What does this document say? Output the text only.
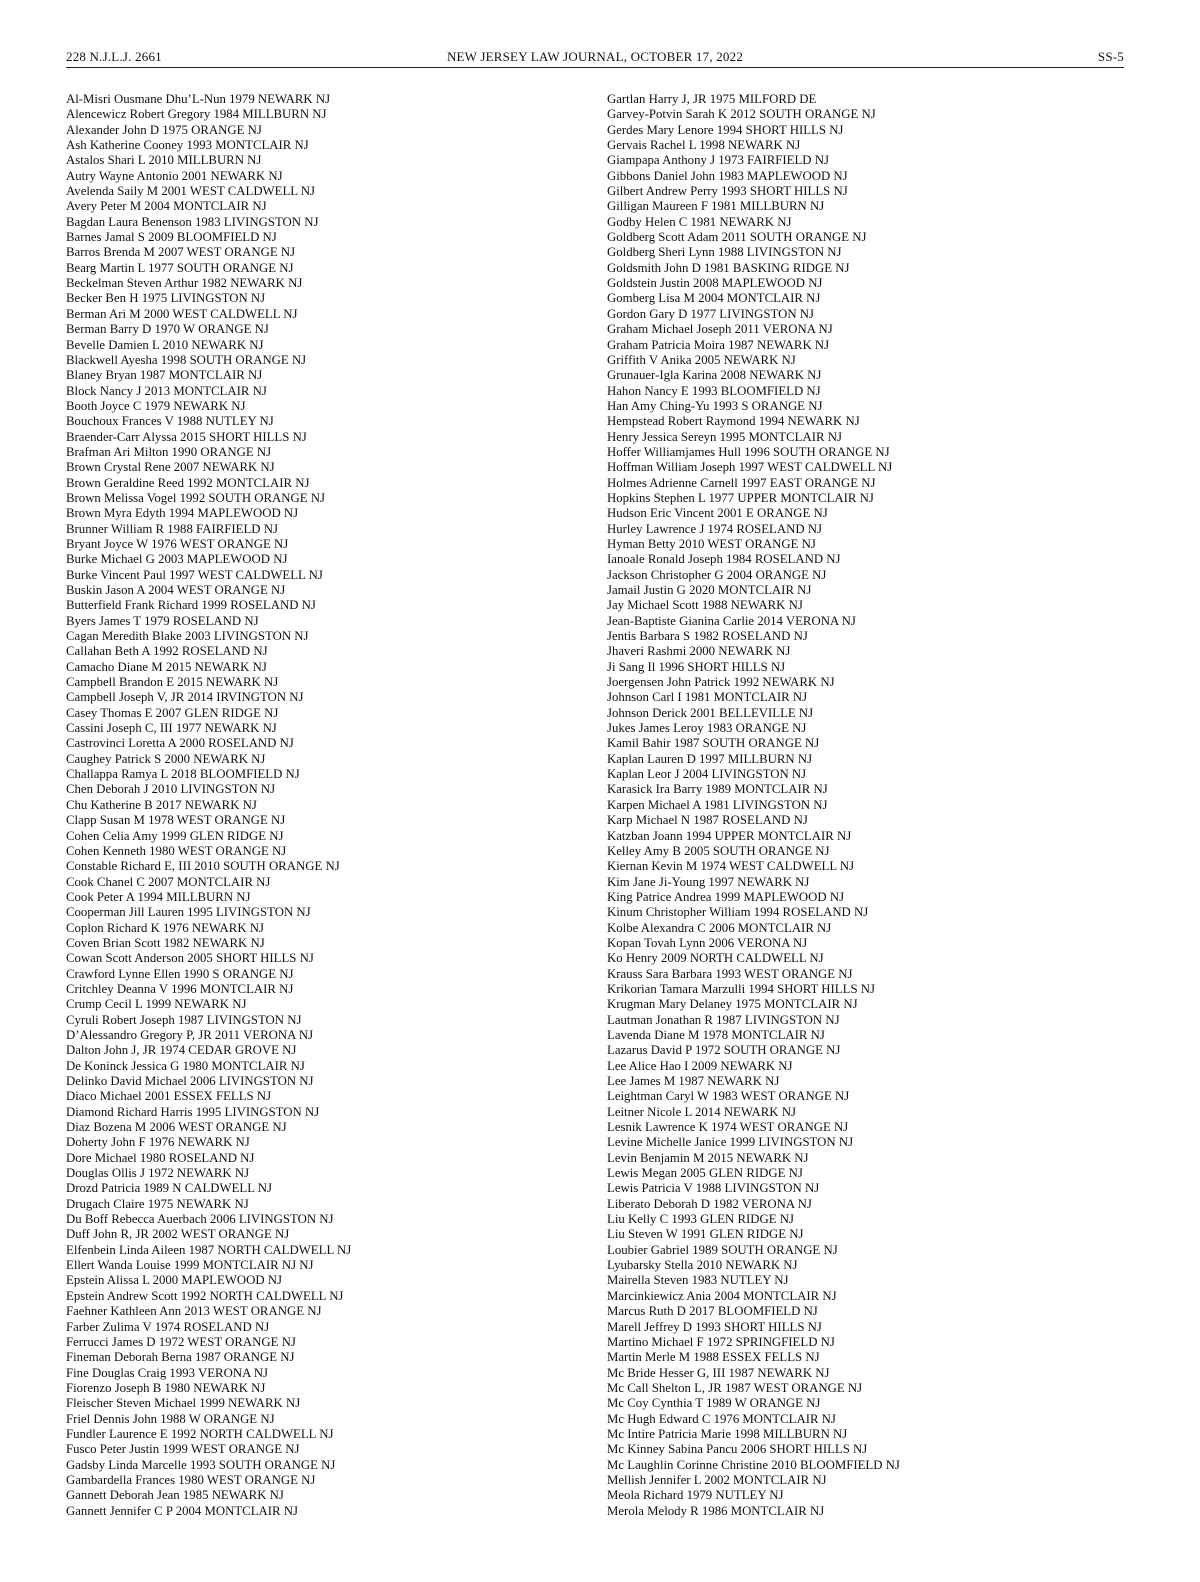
228 N.J.L.J. 2661	NEW JERSEY LAW JOURNAL, OCTOBER 17, 2022	SS-5
Al-Misri Ousmane Dhu’L-Nun 1979 NEWARK NJ
Alencewicz Robert Gregory 1984 MILLBURN NJ
Alexander John D 1975 ORANGE NJ
Ash Katherine Cooney 1993 MONTCLAIR NJ
Astalos Shari L 2010 MILLBURN NJ
Autry Wayne Antonio 2001 NEWARK NJ
Avelenda Saily M 2001 WEST CALDWELL NJ
Avery Peter M 2004 MONTCLAIR NJ
Bagdan Laura Benenson 1983 LIVINGSTON NJ
Barnes Jamal S 2009 BLOOMFIELD NJ
Barros Brenda M 2007 WEST ORANGE NJ
Bearg Martin L 1977 SOUTH ORANGE NJ
Beckelman Steven Arthur 1982 NEWARK NJ
Becker Ben H 1975 LIVINGSTON NJ
Berman Ari M 2000 WEST CALDWELL NJ
Berman Barry D 1970 W ORANGE NJ
Bevelle Damien L 2010 NEWARK NJ
Blackwell Ayesha 1998 SOUTH ORANGE NJ
Blaney Bryan 1987 MONTCLAIR NJ
Block Nancy J 2013 MONTCLAIR NJ
Booth Joyce C 1979 NEWARK NJ
Bouchoux Frances V 1988 NUTLEY NJ
Braender-Carr Alyssa 2015 SHORT HILLS NJ
Brafman Ari Milton 1990 ORANGE NJ
Brown Crystal Rene 2007 NEWARK NJ
Brown Geraldine Reed 1992 MONTCLAIR NJ
Brown Melissa Vogel 1992 SOUTH ORANGE NJ
Brown Myra Edyth 1994 MAPLEWOOD NJ
Brunner William R 1988 FAIRFIELD NJ
Bryant Joyce W 1976 WEST ORANGE NJ
Burke Michael G 2003 MAPLEWOOD NJ
Burke Vincent Paul 1997 WEST CALDWELL NJ
Buskin Jason A 2004 WEST ORANGE NJ
Butterfield Frank Richard 1999 ROSELAND NJ
Byers James T 1979 ROSELAND NJ
Cagan Meredith Blake 2003 LIVINGSTON NJ
Callahan Beth A 1992 ROSELAND NJ
Camacho Diane M 2015 NEWARK NJ
Campbell Brandon E 2015 NEWARK NJ
Campbell Joseph V, JR 2014 IRVINGTON NJ
Casey Thomas E 2007 GLEN RIDGE NJ
Cassini Joseph C, III 1977 NEWARK NJ
Castrovinci Loretta A 2000 ROSELAND NJ
Caughey Patrick S 2000 NEWARK NJ
Challappa Ramya L 2018 BLOOMFIELD NJ
Chen Deborah J 2010 LIVINGSTON NJ
Chu Katherine B 2017 NEWARK NJ
Clapp Susan M 1978 WEST ORANGE NJ
Cohen Celia Amy 1999 GLEN RIDGE NJ
Cohen Kenneth 1980 WEST ORANGE NJ
Constable Richard E, III 2010 SOUTH ORANGE NJ
Cook Chanel C 2007 MONTCLAIR NJ
Cook Peter A 1994 MILLBURN NJ
Cooperman Jill Lauren 1995 LIVINGSTON NJ
Coplon Richard K 1976 NEWARK NJ
Coven Brian Scott 1982 NEWARK NJ
Cowan Scott Anderson 2005 SHORT HILLS NJ
Crawford Lynne Ellen 1990 S ORANGE NJ
Critchley Deanna V 1996 MONTCLAIR NJ
Crump Cecil L 1999 NEWARK NJ
Cyruli Robert Joseph 1987 LIVINGSTON NJ
D’Alessandro Gregory P, JR 2011 VERONA NJ
Dalton John J, JR 1974 CEDAR GROVE NJ
De Koninck Jessica G 1980 MONTCLAIR NJ
Delinko David Michael 2006 LIVINGSTON NJ
Diaco Michael 2001 ESSEX FELLS NJ
Diamond Richard Harris 1995 LIVINGSTON NJ
Diaz Bozena M 2006 WEST ORANGE NJ
Doherty John F 1976 NEWARK NJ
Dore Michael 1980 ROSELAND NJ
Douglas Ollis J 1972 NEWARK NJ
Drozd Patricia 1989 N CALDWELL NJ
Drugach Claire 1975 NEWARK NJ
Du Boff Rebecca Auerbach 2006 LIVINGSTON NJ
Duff John R, JR 2002 WEST ORANGE NJ
Elfenbein Linda Aileen 1987 NORTH CALDWELL NJ
Ellert Wanda Louise 1999 MONTCLAIR NJ NJ
Epstein Alissa L 2000 MAPLEWOOD NJ
Epstein Andrew Scott 1992 NORTH CALDWELL NJ
Faehner Kathleen Ann 2013 WEST ORANGE NJ
Farber Zulima V 1974 ROSELAND NJ
Ferrucci James D 1972 WEST ORANGE NJ
Fineman Deborah Berna 1987 ORANGE NJ
Fine Douglas Craig 1993 VERONA NJ
Fiorenzo Joseph B 1980 NEWARK NJ
Fleischer Steven Michael 1999 NEWARK NJ
Friel Dennis John 1988 W ORANGE NJ
Fundler Laurence E 1992 NORTH CALDWELL NJ
Fusco Peter Justin 1999 WEST ORANGE NJ
Gadsby Linda Marcelle 1993 SOUTH ORANGE NJ
Gambardella Frances 1980 WEST ORANGE NJ
Gannett Deborah Jean 1985 NEWARK NJ
Gannett Jennifer C P 2004 MONTCLAIR NJ
Gartlan Harry J, JR 1975 MILFORD DE
Garvey-Potvin Sarah K 2012 SOUTH ORANGE NJ
Gerdes Mary Lenore 1994 SHORT HILLS NJ
Gervais Rachel L 1998 NEWARK NJ
Giampapa Anthony J 1973 FAIRFIELD NJ
Gibbons Daniel John 1983 MAPLEWOOD NJ
Gilbert Andrew Perry 1993 SHORT HILLS NJ
Gilligan Maureen F 1981 MILLBURN NJ
Godby Helen C 1981 NEWARK NJ
Goldberg Scott Adam 2011 SOUTH ORANGE NJ
Goldberg Sheri Lynn 1988 LIVINGSTON NJ
Goldsmith John D 1981 BASKING RIDGE NJ
Goldstein Justin 2008 MAPLEWOOD NJ
Gomberg Lisa M 2004 MONTCLAIR NJ
Gordon Gary D 1977 LIVINGSTON NJ
Graham Michael Joseph 2011 VERONA NJ
Graham Patricia Moira 1987 NEWARK NJ
Griffith V Anika 2005 NEWARK NJ
Grunauer-Igla Karina 2008 NEWARK NJ
Hahon Nancy E 1993 BLOOMFIELD NJ
Han Amy Ching-Yu 1993 S ORANGE NJ
Hempstead Robert Raymond 1994 NEWARK NJ
Henry Jessica Sereyn 1995 MONTCLAIR NJ
Hoffer Williamjames Hull 1996 SOUTH ORANGE NJ
Hoffman William Joseph 1997 WEST CALDWELL NJ
Holmes Adrienne Carnell 1997 EAST ORANGE NJ
Hopkins Stephen L 1977 UPPER MONTCLAIR NJ
Hudson Eric Vincent 2001 E ORANGE NJ
Hurley Lawrence J 1974 ROSELAND NJ
Hyman Betty 2010 WEST ORANGE NJ
Ianoale Ronald Joseph 1984 ROSELAND NJ
Jackson Christopher G 2004 ORANGE NJ
Jamail Justin G 2020 MONTCLAIR NJ
Jay Michael Scott 1988 NEWARK NJ
Jean-Baptiste Gianina Carlie 2014 VERONA NJ
Jentis Barbara S 1982 ROSELAND NJ
Jhaveri Rashmi 2000 NEWARK NJ
Ji Sang Il 1996 SHORT HILLS NJ
Joergensen John Patrick 1992 NEWARK NJ
Johnson Carl I 1981 MONTCLAIR NJ
Johnson Derick 2001 BELLEVILLE NJ
Jukes James Leroy 1983 ORANGE NJ
Kamil Bahir 1987 SOUTH ORANGE NJ
Kaplan Lauren D 1997 MILLBURN NJ
Kaplan Leor J 2004 LIVINGSTON NJ
Karasick Ira Barry 1989 MONTCLAIR NJ
Karpen Michael A 1981 LIVINGSTON NJ
Karp Michael N 1987 ROSELAND NJ
Katzban Joann 1994 UPPER MONTCLAIR NJ
Kelley Amy B 2005 SOUTH ORANGE NJ
Kiernan Kevin M 1974 WEST CALDWELL NJ
Kim Jane Ji-Young 1997 NEWARK NJ
King Patrice Andrea 1999 MAPLEWOOD NJ
Kinum Christopher William 1994 ROSELAND NJ
Kolbe Alexandra C 2006 MONTCLAIR NJ
Kopan Tovah Lynn 2006 VERONA NJ
Ko Henry 2009 NORTH CALDWELL NJ
Krauss Sara Barbara 1993 WEST ORANGE NJ
Krikorian Tamara Marzulli 1994 SHORT HILLS NJ
Krugman Mary Delaney 1975 MONTCLAIR NJ
Lautman Jonathan R 1987 LIVINGSTON NJ
Lavenda Diane M 1978 MONTCLAIR NJ
Lazarus David P 1972 SOUTH ORANGE NJ
Lee Alice Hao I 2009 NEWARK NJ
Lee James M 1987 NEWARK NJ
Leightman Caryl W 1983 WEST ORANGE NJ
Leitner Nicole L 2014 NEWARK NJ
Lesnik Lawrence K 1974 WEST ORANGE NJ
Levine Michelle Janice 1999 LIVINGSTON NJ
Levin Benjamin M 2015 NEWARK NJ
Lewis Megan 2005 GLEN RIDGE NJ
Lewis Patricia V 1988 LIVINGSTON NJ
Liberato Deborah D 1982 VERONA NJ
Liu Kelly C 1993 GLEN RIDGE NJ
Liu Steven W 1991 GLEN RIDGE NJ
Loubier Gabriel 1989 SOUTH ORANGE NJ
Lyubarsky Stella 2010 NEWARK NJ
Mairella Steven 1983 NUTLEY NJ
Marcinkiewicz Ania 2004 MONTCLAIR NJ
Marcus Ruth D 2017 BLOOMFIELD NJ
Marell Jeffrey D 1993 SHORT HILLS NJ
Martino Michael F 1972 SPRINGFIELD NJ
Martin Merle M 1988 ESSEX FELLS NJ
Mc Bride Hesser G, III 1987 NEWARK NJ
Mc Call Shelton L, JR 1987 WEST ORANGE NJ
Mc Coy Cynthia T 1989 W ORANGE NJ
Mc Hugh Edward C 1976 MONTCLAIR NJ
Mc Intire Patricia Marie 1998 MILLBURN NJ
Mc Kinney Sabina Pancu 2006 SHORT HILLS NJ
Mc Laughlin Corinne Christine 2010 BLOOMFIELD NJ
Mellish Jennifer L 2002 MONTCLAIR NJ
Meola Richard 1979 NUTLEY NJ
Merola Melody R 1986 MONTCLAIR NJ
